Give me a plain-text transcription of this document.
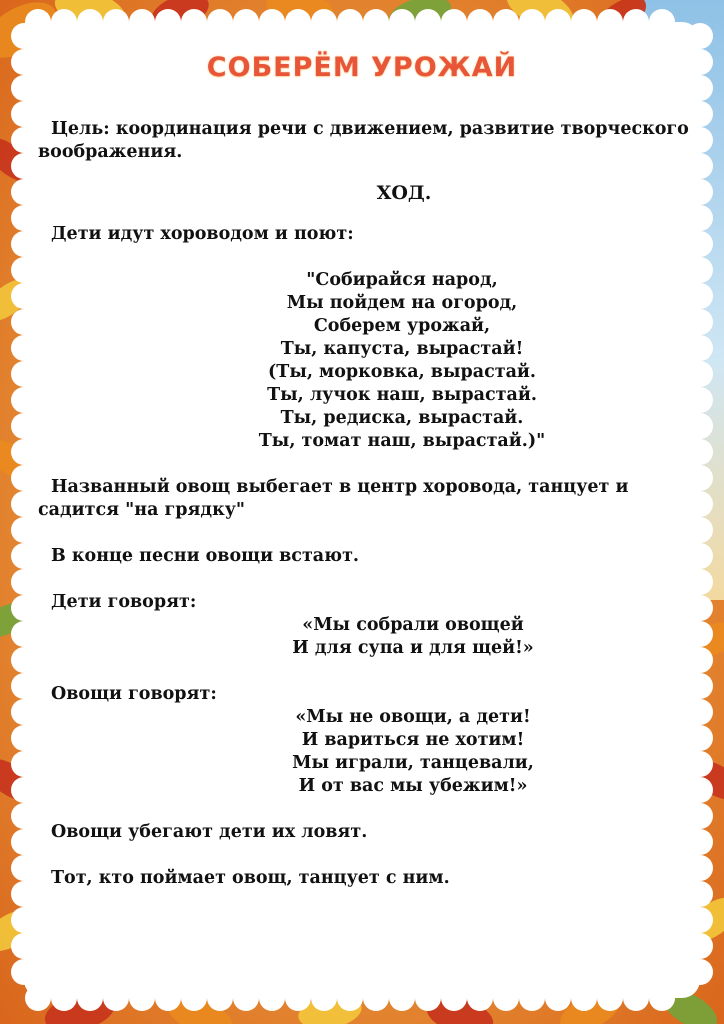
СОБЕРЁМ УРОЖАЙ

Цель: координация речи с движением, развитие творческого воображения.

ХОД.

Дети идут хороводом и поют:

"Собирайся народ,
Мы пойдем на огород,
Соберем урожай,
Ты, капуста, вырастай!
(Ты, морковка, вырастай.
Ты, лучок наш, вырастай.
Ты, редиска, вырастай.
Ты, томат наш, вырастай.)"

Названный овощ выбегает в центр хоровода, танцует и садится "на грядку"

В конце песни овощи встают.

Дети говорят:

«Мы собрали овощей
И для супа и для щей!»

Овощи говорят:

«Мы не овощи, а дети!
И вариться не хотим!
Мы играли, танцевали,
И от вас мы убежим!»

Овощи убегают дети их ловят.

Тот, кто поймает овощ, танцует с ним.
